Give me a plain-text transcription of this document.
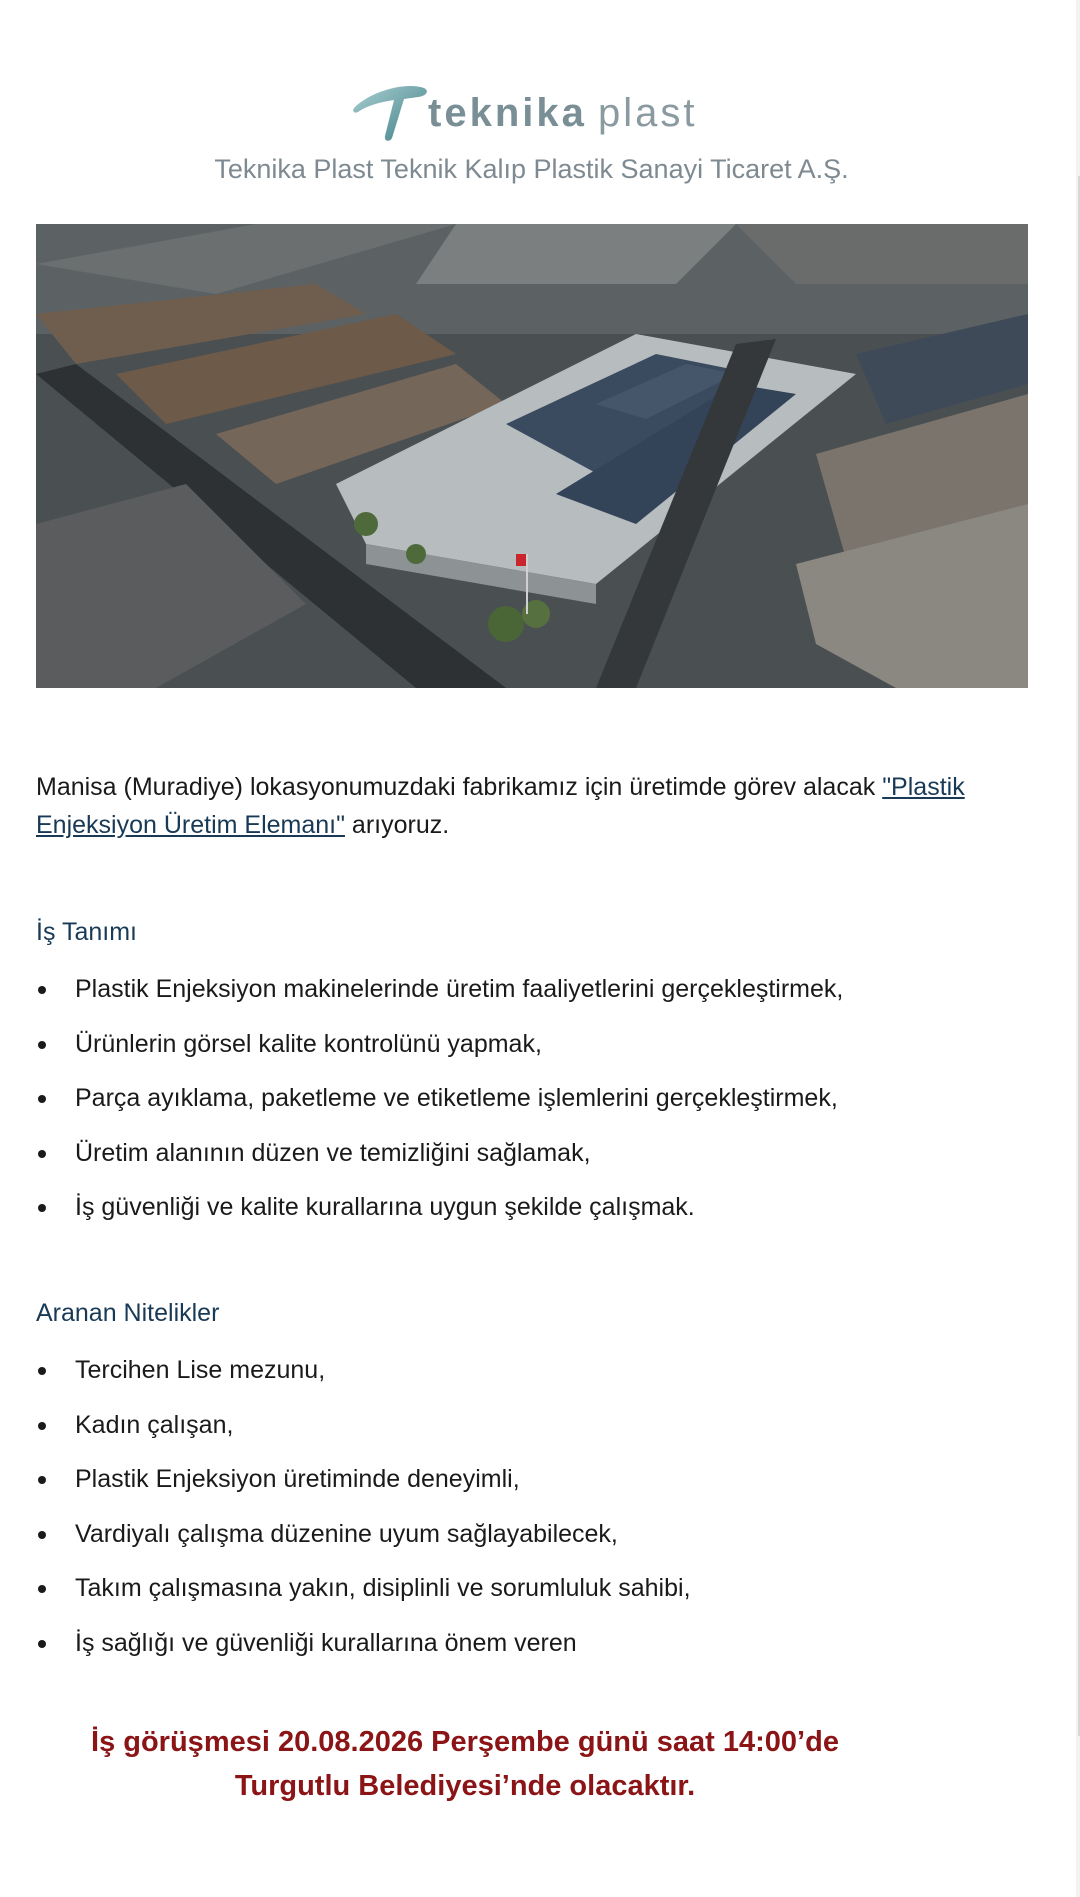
teknika plast
Teknika Plast Teknik Kalıp Plastik Sanayi Ticaret A.Ş.
Manisa (Muradiye) lokasyonumuzdaki fabrikamız için üretimde görev alacak "Plastik Enjeksiyon Üretim Elemanı" arıyoruz.
İş Tanımı
Plastik Enjeksiyon makinelerinde üretim faaliyetlerini gerçekleştirmek,
Ürünlerin görsel kalite kontrolünü yapmak,
Parça ayıklama, paketleme ve etiketleme işlemlerini gerçekleştirmek,
Üretim alanının düzen ve temizliğini sağlamak,
İş güvenliği ve kalite kurallarına uygun şekilde çalışmak.
Aranan Nitelikler
Tercihen Lise mezunu,
Kadın çalışan,
Plastik Enjeksiyon üretiminde deneyimli,
Vardiyalı çalışma düzenine uyum sağlayabilecek,
Takım çalışmasına yakın, disiplinli ve sorumluluk sahibi,
İş sağlığı ve güvenliği kurallarına önem veren
İş görüşmesi 20.08.2026 Perşembe günü saat 14:00’de
Turgutlu Belediyesi’nde olacaktır.
